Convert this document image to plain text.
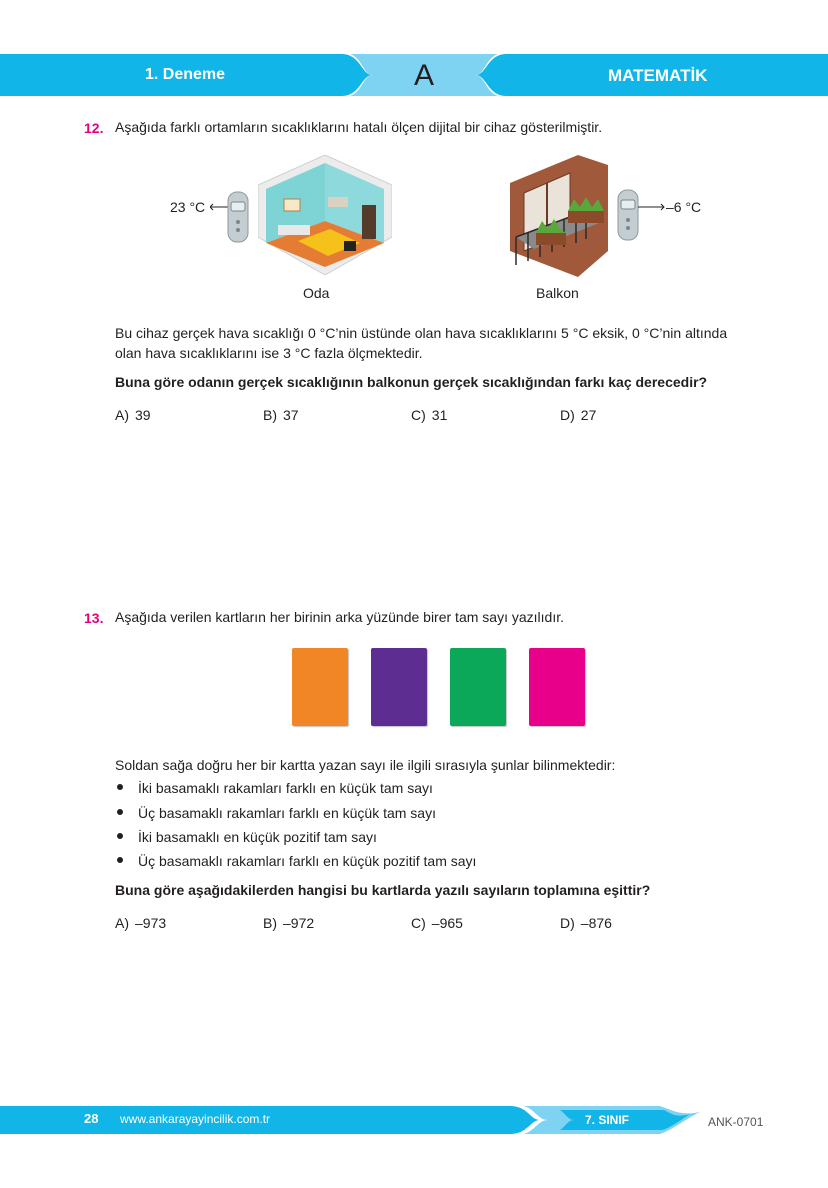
1. Deneme	A	MATEMATİK
12. Aşağıda farklı ortamların sıcaklıklarını hatalı ölçen dijital bir cihaz gösterilmiştir.
23 °C
Oda	Balkon
–6 °C
Bu cihaz gerçek hava sıcaklığı 0 °C’nin üstünde olan hava sıcaklıklarını 5 °C eksik, 0 °C’nin altında
olan hava sıcaklıklarını ise 3 °C fazla ölçmektedir.
Buna göre odanın gerçek sıcaklığının balkonun gerçek sıcaklığından farkı kaç derecedir?
A) 39	B) 37	C) 31	D) 27
13. Aşağıda verilen kartların her birinin arka yüzünde birer tam sayı yazılıdır.
Soldan sağa doğru her bir kartta yazan sayı ile ilgili sırasıyla şunlar bilinmektedir:
İki basamaklı rakamları farklı en küçük tam sayı
Üç basamaklı rakamları farklı en küçük tam sayı
İki basamaklı en küçük pozitif tam sayı
Üç basamaklı rakamları farklı en küçük pozitif tam sayı
Buna göre aşağıdakilerden hangisi bu kartlarda yazılı sayıların toplamına eşittir?
A) –973	B) –972	C) –965	D) –876
28 www.ankarayayincilik.com.tr	7. SINIF	ANK-0701
